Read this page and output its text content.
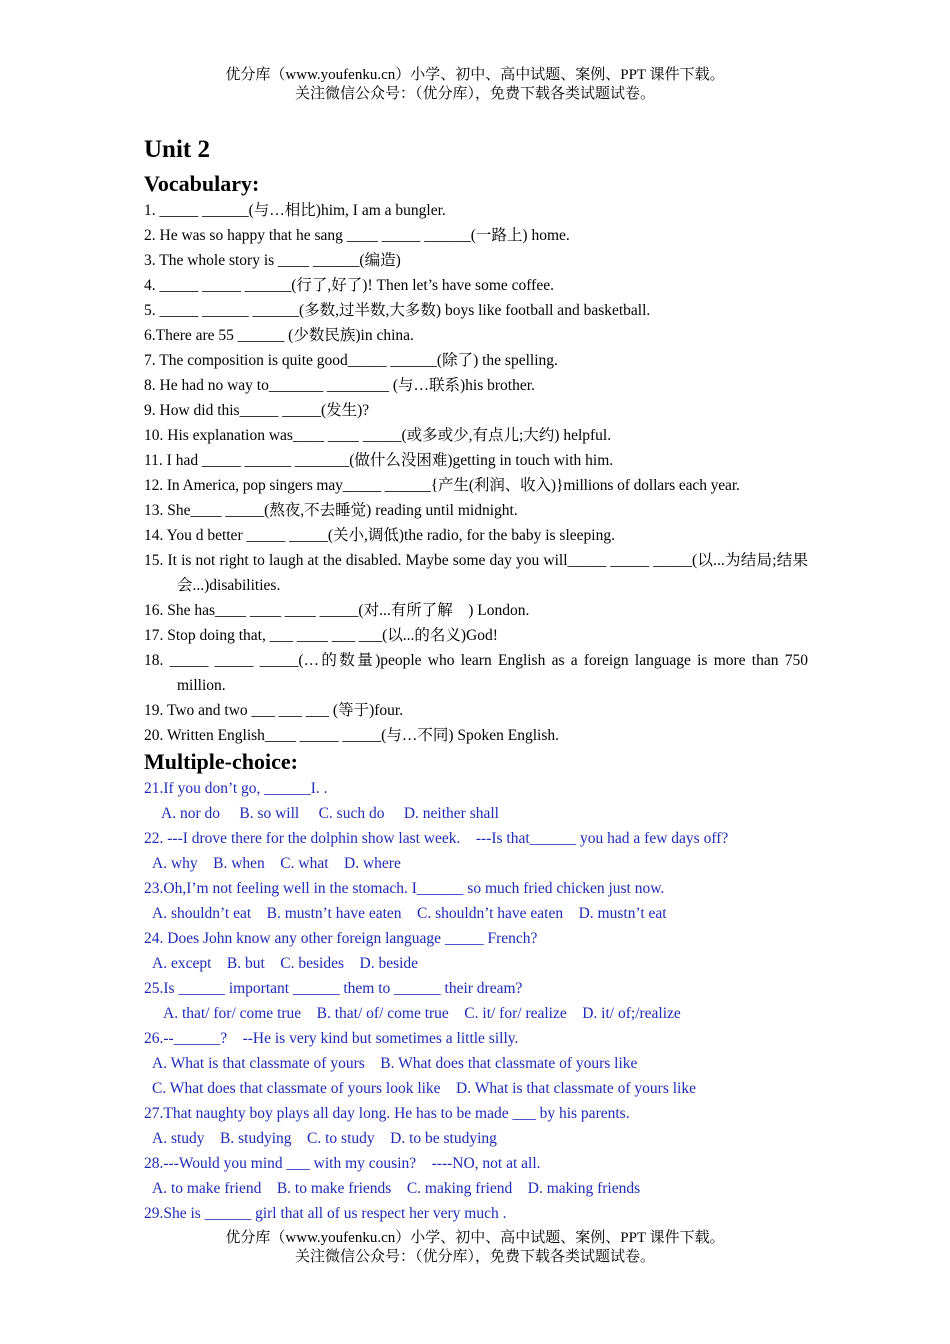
优分库（www.youfenku.cn）小学、初中、高中试题、案例、PPT 课件下载。
关注微信公众号：（优分库），免费下载各类试题试卷。
Unit 2
Vocabulary:
1. _____ ______(与…相比)him, I am a bungler.
2. He was so happy that he sang ____ _____ ______(一路上) home.
3. The whole story is ____ ______(编造)
4. _____ _____ ______(行了,好了)! Then let’s have some coffee.
5. _____ ______ ______(多数,过半数,大多数) boys like football and basketball.
6.There are 55 ______ (少数民族)in china.
7. The composition is quite good_____ ______(除了) the spelling.
8. He had no way to_______ ________ (与…联系)his brother.
9. How did this_____ _____(发生)?
10. His explanation was____ ____ _____(或多或少,有点儿;大约) helpful.
11. I had _____ ______ _______(做什么没困难)getting in touch with him.
12. In America, pop singers may_____ ______{产生(利润、收入)}millions of dollars each year.
13. She____ _____(熬夜,不去睡觉) reading until midnight.
14. You d better _____ _____(关小,调低)the radio, for the baby is sleeping.
15. It is not right to laugh at the disabled. Maybe some day you will_____ _____ _____(以...为结局;结果会...)disabilities.
16. She has____ ____ ____ _____(对...有所了解　) London.
17. Stop doing that, ___ ____ ___ ___(以...的名义)God!
18. _____ _____ _____(…的数量)people who learn English as a foreign language is more than 750 million.
19. Two and two ___ ___ ___ (等于)four.
20. Written English____ _____ _____(与…不同) Spoken English.
Multiple-choice:
21.If you don’t go, ______I. .
A. nor do　 B. so will　 C. such do　 D. neither shall
22. ---I drove there for the dolphin show last week.　---Is that______ you had a few days off?
A. why　B. when　C. what　D. where
23.Oh,I’m not feeling well in the stomach. I______ so much fried chicken just now.
A. shouldn’t eat　B. mustn’t have eaten　C. shouldn’t have eaten　D. mustn’t eat
24. Does John know any other foreign language _____ French?
A. except　B. but　C. besides　D. beside
25.Is ______ important ______ them to ______ their dream?
A. that/ for/ come true　B. that/ of/ come true　C. it/ for/ realize　D. it/ of;/realize
26.--______?　--He is very kind but sometimes a little silly.
A. What is that classmate of yours　B. What does that classmate of yours like
C. What does that classmate of yours look like　D. What is that classmate of yours like
27.That naughty boy plays all day long. He has to be made ___ by his parents.
A. study　B. studying　C. to study　D. to be studying
28.---Would you mind ___ with my cousin?　----NO, not at all.
A. to make friend　B. to make friends　C. making friend　D. making friends
29.She is ______ girl that all of us respect her very much .
优分库（www.youfenku.cn）小学、初中、高中试题、案例、PPT 课件下载。
关注微信公众号：（优分库），免费下载各类试题试卷。
